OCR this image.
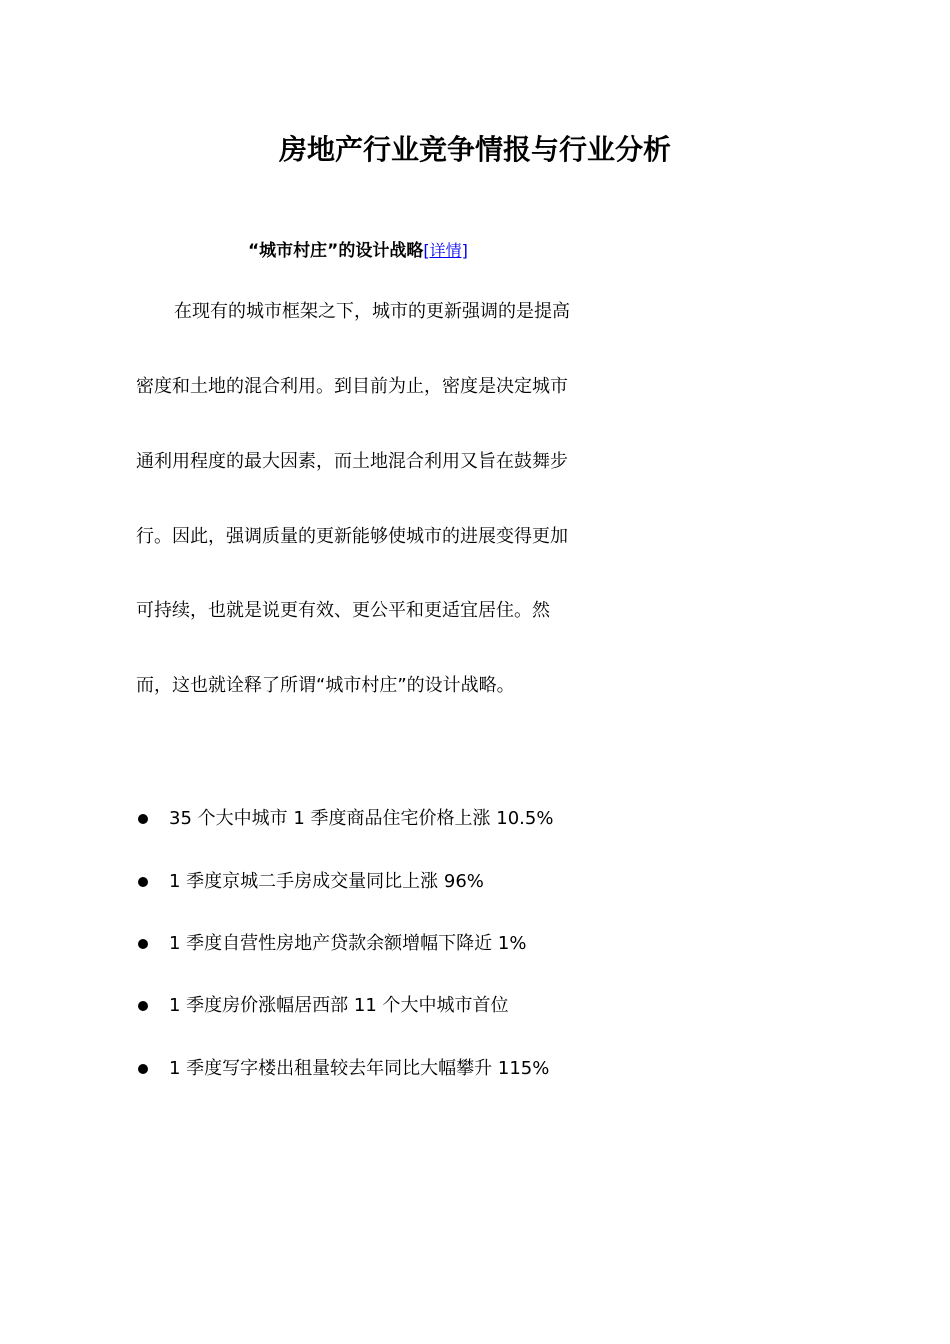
房地产行业竞争情报与行业分析
“城市村庄”的设计战略[详情]
在现有的城市框架之下，城市的更新强调的是提高
密度和土地的混合利用。到目前为止，密度是决定城市
通利用程度的最大因素，而土地混合利用又旨在鼓舞步
行。因此，强调质量的更新能够使城市的进展变得更加
可持续，也就是说更有效、更公平和更适宜居住。然
而，这也就诠释了所谓“城市村庄”的设计战略。
35 个大中城市 1 季度商品住宅价格上涨 10.5%
1 季度京城二手房成交量同比上涨 96%
1 季度自营性房地产贷款余额增幅下降近 1%
1 季度房价涨幅居西部 11 个大中城市首位
1 季度写字楼出租量较去年同比大幅攀升 115%
